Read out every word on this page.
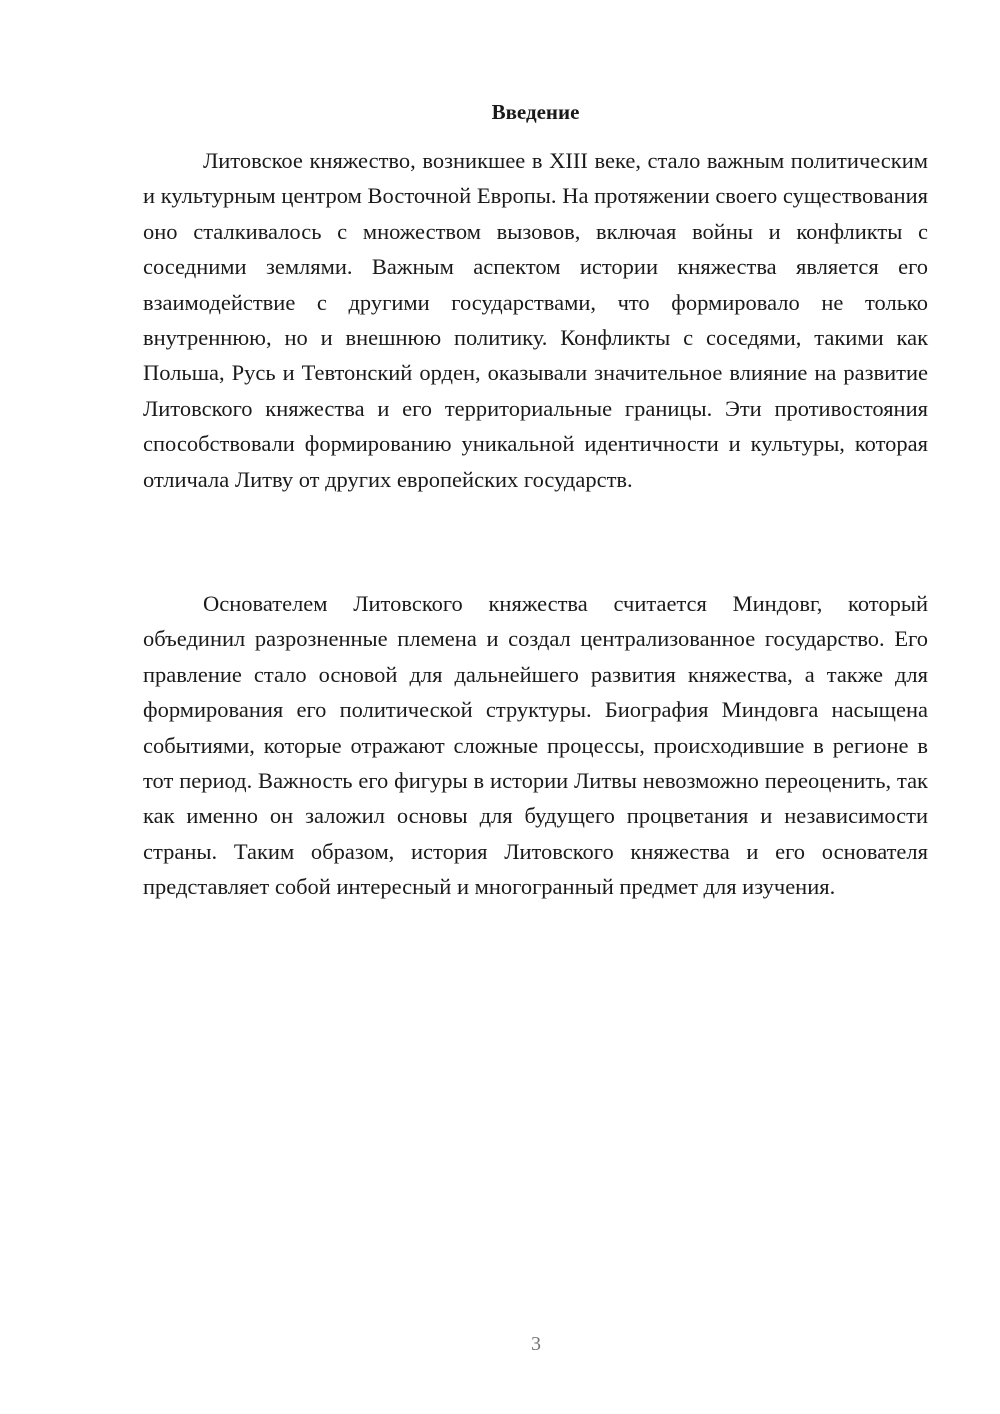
Введение

Литовское княжество, возникшее в XIII веке, стало важным политическим и культурным центром Восточной Европы. На протяжении своего существования оно сталкивалось с множеством вызовов, включая войны и конфликты с соседними землями. Важным аспектом истории княжества является его взаимодействие с другими государствами, что формировало не только внутреннюю, но и внешнюю политику. Конфликты с соседями, такими как Польша, Русь и Тевтонский орден, оказывали значительное влияние на развитие Литовского княжества и его территориальные границы. Эти противостояния способствовали формированию уникальной идентичности и культуры, которая отличала Литву от других европейских государств.

Основателем Литовского княжества считается Миндовг, который объединил разрозненные племена и создал централизованное государство. Его правление стало основой для дальнейшего развития княжества, а также для формирования его политической структуры. Биография Миндовга насыщена событиями, которые отражают сложные процессы, происходившие в регионе в тот период. Важность его фигуры в истории Литвы невозможно переоценить, так как именно он заложил основы для будущего процветания и независимости страны. Таким образом, история Литовского княжества и его основателя представляет собой интересный и многогранный предмет для изучения.

3
